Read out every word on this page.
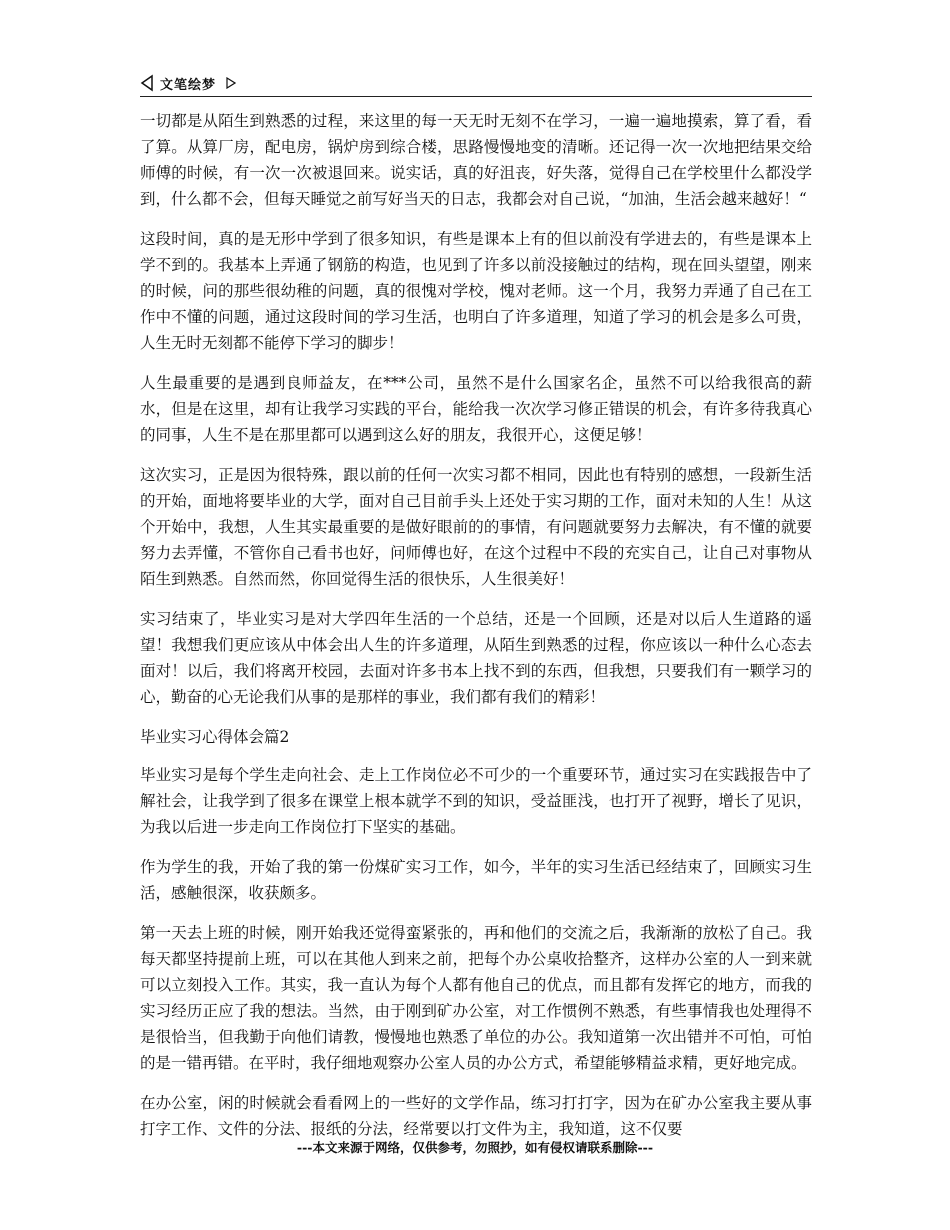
文笔绘梦

一切都是从陌生到熟悉的过程，来这里的每一天无时无刻不在学习，一遍一遍地摸索，算了看，看了算。从算厂房，配电房，锅炉房到综合楼，思路慢慢地变的清晰。还记得一次一次地把结果交给师傅的时候，有一次一次被退回来。说实话，真的好沮丧，好失落，觉得自己在学校里什么都没学到，什么都不会，但每天睡觉之前写好当天的日志，我都会对自己说，“加油，生活会越来越好！“

这段时间，真的是无形中学到了很多知识，有些是课本上有的但以前没有学进去的，有些是课本上学不到的。我基本上弄通了钢筋的构造，也见到了许多以前没接触过的结构，现在回头望望，刚来的时候，问的那些很幼稚的问题，真的很愧对学校，愧对老师。这一个月，我努力弄通了自己在工作中不懂的问题，通过这段时间的学习生活，也明白了许多道理，知道了学习的机会是多么可贵，人生无时无刻都不能停下学习的脚步！

人生最重要的是遇到良师益友，在***公司，虽然不是什么国家名企，虽然不可以给我很高的薪水，但是在这里，却有让我学习实践的平台，能给我一次次学习修正错误的机会，有许多待我真心的同事，人生不是在那里都可以遇到这么好的朋友，我很开心，这便足够！

这次实习，正是因为很特殊，跟以前的任何一次实习都不相同，因此也有特别的感想，一段新生活的开始，面地将要毕业的大学，面对自己目前手头上还处于实习期的工作，面对未知的人生！从这个开始中，我想，人生其实最重要的是做好眼前的的事情，有问题就要努力去解决，有不懂的就要努力去弄懂，不管你自己看书也好，问师傅也好，在这个过程中不段的充实自己，让自己对事物从陌生到熟悉。自然而然，你回觉得生活的很快乐，人生很美好！

实习结束了，毕业实习是对大学四年生活的一个总结，还是一个回顾，还是对以后人生道路的遥望！我想我们更应该从中体会出人生的许多道理，从陌生到熟悉的过程，你应该以一种什么心态去面对！以后，我们将离开校园，去面对许多书本上找不到的东西，但我想，只要我们有一颗学习的心，勤奋的心无论我们从事的是那样的事业，我们都有我们的精彩！

毕业实习心得体会篇2

毕业实习是每个学生走向社会、走上工作岗位必不可少的一个重要环节，通过实习在实践报告中了解社会，让我学到了很多在课堂上根本就学不到的知识，受益匪浅，也打开了视野，增长了见识，为我以后进一步走向工作岗位打下坚实的基础。

作为学生的我，开始了我的第一份煤矿实习工作，如今，半年的实习生活已经结束了，回顾实习生活，感触很深，收获颇多。

第一天去上班的时候，刚开始我还觉得蛮紧张的，再和他们的交流之后，我渐渐的放松了自己。我每天都坚持提前上班，可以在其他人到来之前，把每个办公桌收拾整齐，这样办公室的人一到来就可以立刻投入工作。其实，我一直认为每个人都有他自己的优点，而且都有发挥它的地方，而我的实习经历正应了我的想法。当然，由于刚到矿办公室，对工作惯例不熟悉，有些事情我也处理得不是很恰当，但我勤于向他们请教，慢慢地也熟悉了单位的办公。我知道第一次出错并不可怕，可怕的是一错再错。在平时，我仔细地观察办公室人员的办公方式，希望能够精益求精，更好地完成。

在办公室，闲的时候就会看看网上的一些好的文学作品，练习打打字，因为在矿办公室我主要从事打字工作、文件的分法、报纸的分法，经常要以打文件为主，我知道，这不仅要

---本文来源于网络，仅供参考，勿照抄，如有侵权请联系删除---
